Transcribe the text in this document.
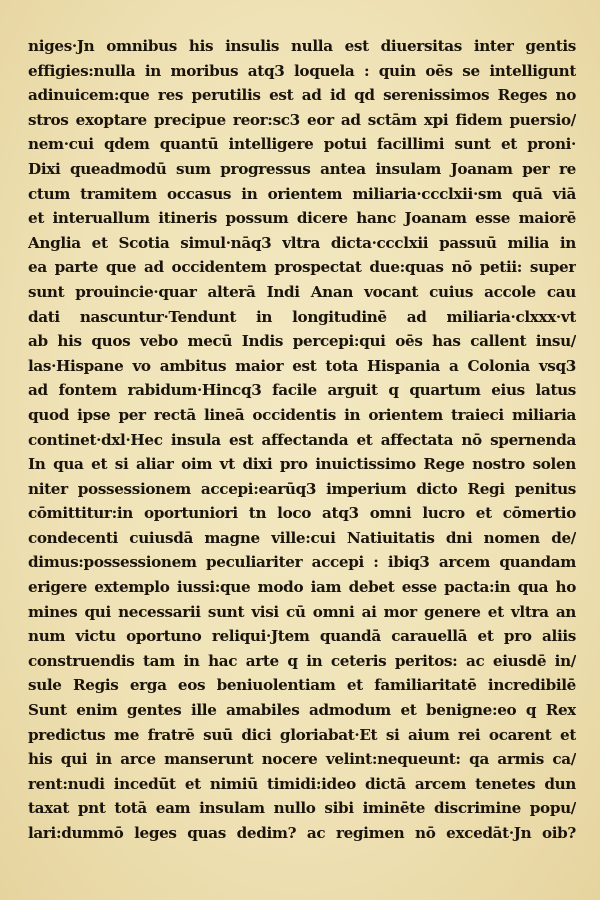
niges·Jn omnibus his insulis nulla est diuersitas inter gentis
effigies:nulla in moribus atq3 loquela : quin oēs se intelligunt
adinuicem:que res perutilis est ad id qd serenissimos Reges no
stros exoptare precipue reor:sc3 eor ad sctām xpi fidem puersio/
nem·cui qdem quantū intelligere potui facillimi sunt et proni·
Dixi queadmodū sum progressus antea insulam Joanam per re
ctum tramitem occasus in orientem miliaria·ccclxii·sm quā viā
et interuallum itineris possum dicere hanc Joanam esse maiorē
Anglia et Scotia simul·nāq3 vltra dicta·ccclxii passuū milia in
ea parte que ad occidentem prospectat due:quas nō petii: super
sunt prouincie·quar alterā Indi Anan vocant cuius accole cau
dati nascuntur·Tendunt in longitudinē ad miliaria·clxxx·vt
ab his quos vebo mecū Indis percepi:qui oēs has callent insu/
las·Hispane vo ambitus maior est tota Hispania a Colonia vsq3
ad fontem rabidum·Hincq3 facile arguit q quartum eius latus
quod ipse per rectā lineā occidentis in orientem traieci miliaria
continet·dxl·Hec insula est affectanda et affectata nō spernenda
In qua et si aliar oim vt dixi pro inuictissimo Rege nostro solen
niter possessionem accepi:earūq3 imperium dicto Regi penitus
cōmittitur:in oportuniori tn loco atq3 omni lucro et cōmertio
condecenti cuiusdā magne ville:cui Natiuitatis dni nomen de/
dimus:possessionem peculiariter accepi : ibiq3 arcem quandam
erigere extemplo iussi:que modo iam debet esse pacta:in qua ho
mines qui necessarii sunt visi cū omni ai mor genere et vltra an
num victu oportuno reliqui·Jtem quandā carauellā et pro aliis
construendis tam in hac arte q in ceteris peritos: ac eiusdē in/
sule Regis erga eos beniuolentiam et familiaritatē incredibilē
Sunt enim gentes ille amabiles admodum et benigne:eo q Rex
predictus me fratrē suū dici gloriabat·Et si aium rei ocarent et
his qui in arce manserunt nocere velint:nequeunt: qa armis ca/
rent:nudi incedūt et nimiū timidi:ideo dictā arcem tenetes dun
taxat pnt totā eam insulam nullo sibi iminēte discrimine popu/
lari:dummō leges quas dedim? ac regimen nō excedāt·Jn oib?
